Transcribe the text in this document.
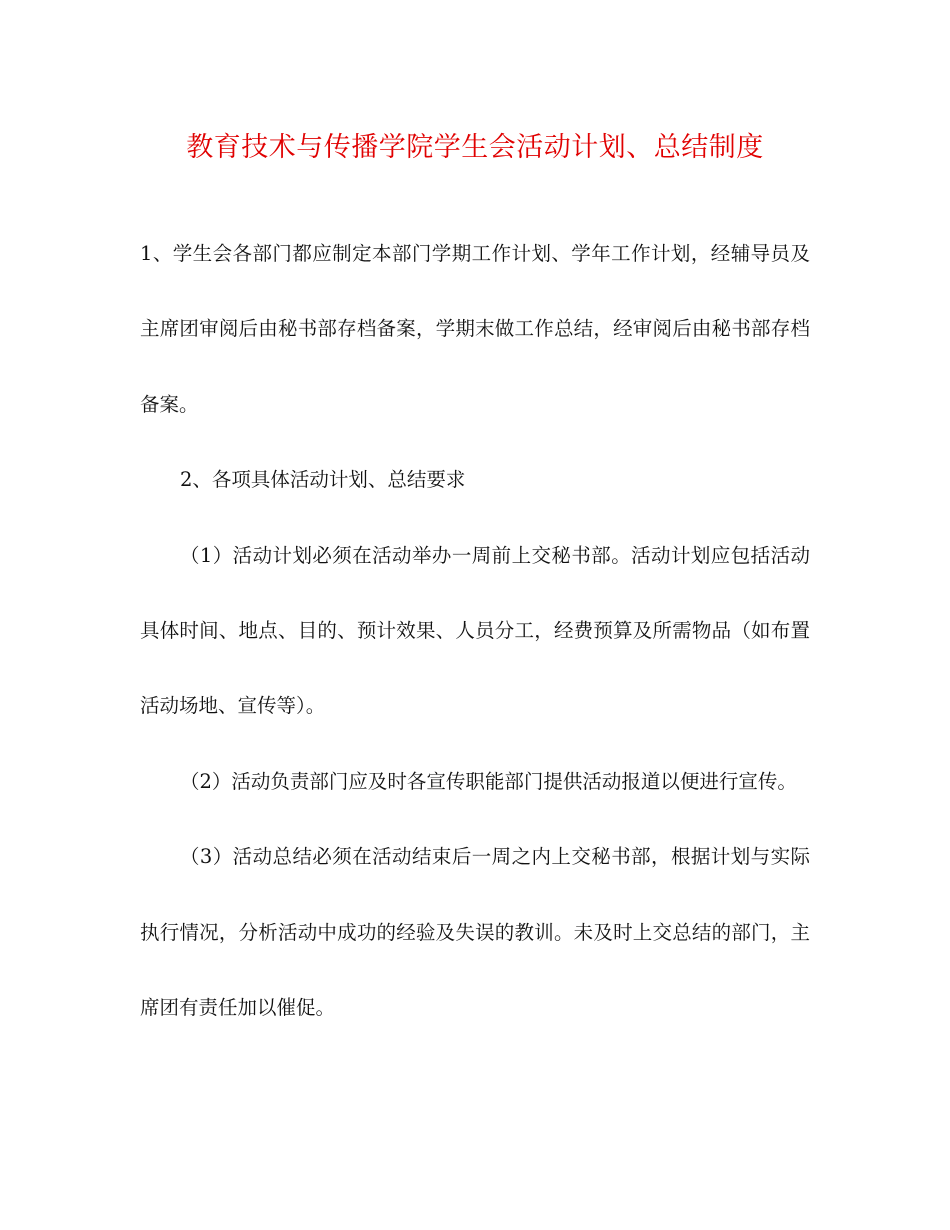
教育技术与传播学院学生会活动计划、总结制度

1、学生会各部门都应制定本部门学期工作计划、学年工作计划，经辅导员及主席团审阅后由秘书部存档备案，学期末做工作总结，经审阅后由秘书部存档备案。

2、各项具体活动计划、总结要求

（1）活动计划必须在活动举办一周前上交秘书部。活动计划应包括活动具体时间、地点、目的、预计效果、人员分工，经费预算及所需物品（如布置活动场地、宣传等）。

（2）活动负责部门应及时各宣传职能部门提供活动报道以便进行宣传。

（3）活动总结必须在活动结束后一周之内上交秘书部，根据计划与实际执行情况，分析活动中成功的经验及失误的教训。未及时上交总结的部门，主席团有责任加以催促。
